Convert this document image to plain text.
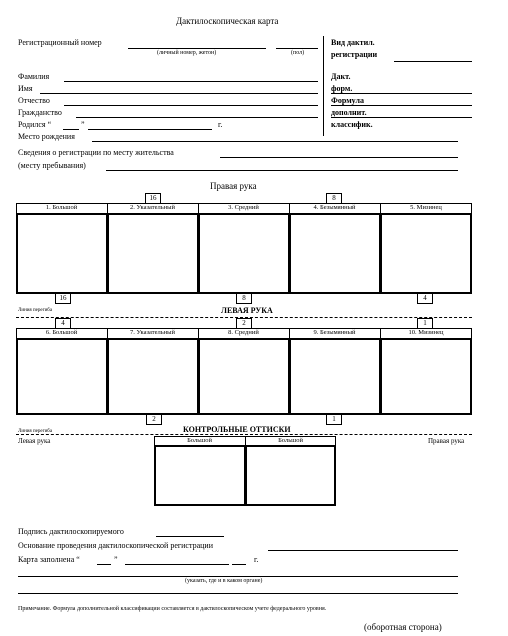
Дактилоскопическая карта
Регистрационный номер
(личный номер, жетон)	(пол)
Вид дактил.
регистрации
Фамилия
Имя
Отчество
Гражданство
Родился “	”	г.
Место рождения
Сведения о регистрации по месту жительства
(месту пребывания)
Дакт.
форм.
Формула
дополнит.
классифик.
Правая рука
16	8
1. Большой	2. Указательный	3. Средний	4. Безымянный	5. Мизинец
16	8	4
Линия перегиба	ЛЕВАЯ РУКА
4	2	1
6. Большой	7. Указательный	8. Средний	9. Безымянный	10. Мизинец
2	1
Линия перегиба	КОНТРОЛЬНЫЕ ОТТИСКИ
Левая рука	Правая рука
Большой	Большой
Подпись дактилоскопируемого
Основание проведения дактилоскопической регистрации
Карта заполнена “	”	г.
(указать, где и в каком органе)
Примечание. Формула дополнительной классификации составляется в дактилоскопическом учете федерального уровня.
(оборотная сторона)
